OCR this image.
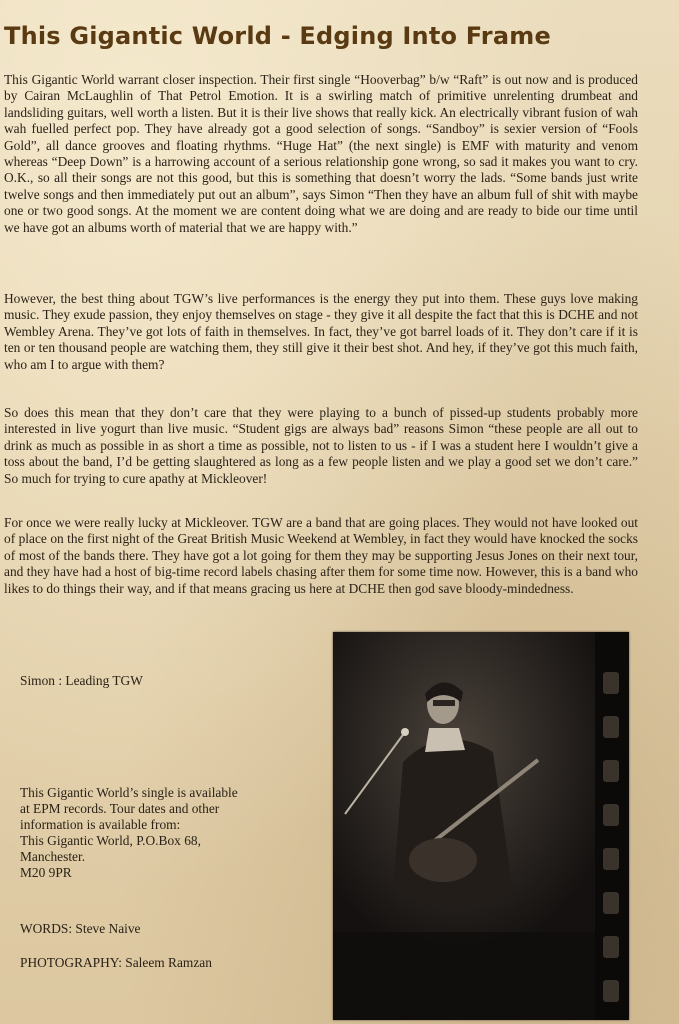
This Gigantic World - Edging Into Frame

This Gigantic World warrant closer inspection. Their first single “Hooverbag” b/w “Raft” is out now and is produced by Cairan McLaughlin of That Petrol Emotion. It is a swirling match of primitive unrelenting drumbeat and landsliding guitars, well worth a listen. But it is their live shows that really kick. An electrically vibrant fusion of wah wah fuelled perfect pop. They have already got a good selection of songs. “Sandboy” is sexier version of “Fools Gold”, all dance grooves and floating rhythms. “Huge Hat” (the next single) is EMF with maturity and venom whereas “Deep Down” is a harrowing account of a serious relationship gone wrong, so sad it makes you want to cry. O.K., so all their songs are not this good, but this is something that doesn’t worry the lads. “Some bands just write twelve songs and then immediately put out an album”, says Simon “Then they have an album full of shit with maybe one or two good songs. At the moment we are content doing what we are doing and are ready to bide our time until we have got an albums worth of material that we are happy with.”

However, the best thing about TGW’s live performances is the energy they put into them. These guys love making music. They exude passion, they enjoy themselves on stage - they give it all despite the fact that this is DCHE and not Wembley Arena. They’ve got lots of faith in themselves. In fact, they’ve got barrel loads of it. They don’t care if it is ten or ten thousand people are watching them, they still give it their best shot. And hey, if they’ve got this much faith, who am I to argue with them?

So does this mean that they don’t care that they were playing to a bunch of pissed-up students probably more interested in live yogurt than live music. “Student gigs are always bad” reasons Simon “these people are all out to drink as much as possible in as short a time as possible, not to listen to us - if I was a student here I wouldn’t give a toss about the band, I’d be getting slaughtered as long as a few people listen and we play a good set we don’t care.” So much for trying to cure apathy at Mickleover!

For once we were really lucky at Mickleover. TGW are a band that are going places. They would not have looked out of place on the first night of the Great British Music Weekend at Wembley, in fact they would have knocked the socks of most of the bands there. They have got a lot going for them they may be supporting Jesus Jones on their next tour, and they have had a host of big-time record labels chasing after them for some time now. However, this is a band who likes to do things their way, and if that means gracing us here at DCHE then god save bloody-mindedness.

Simon : Leading TGW

This Gigantic World’s single is available
at EPM records. Tour dates and other
information is available from:
This Gigantic World, P.O.Box 68,
Manchester.
M20 9PR

WORDS: Steve Naive

PHOTOGRAPHY: Saleem Ramzan
